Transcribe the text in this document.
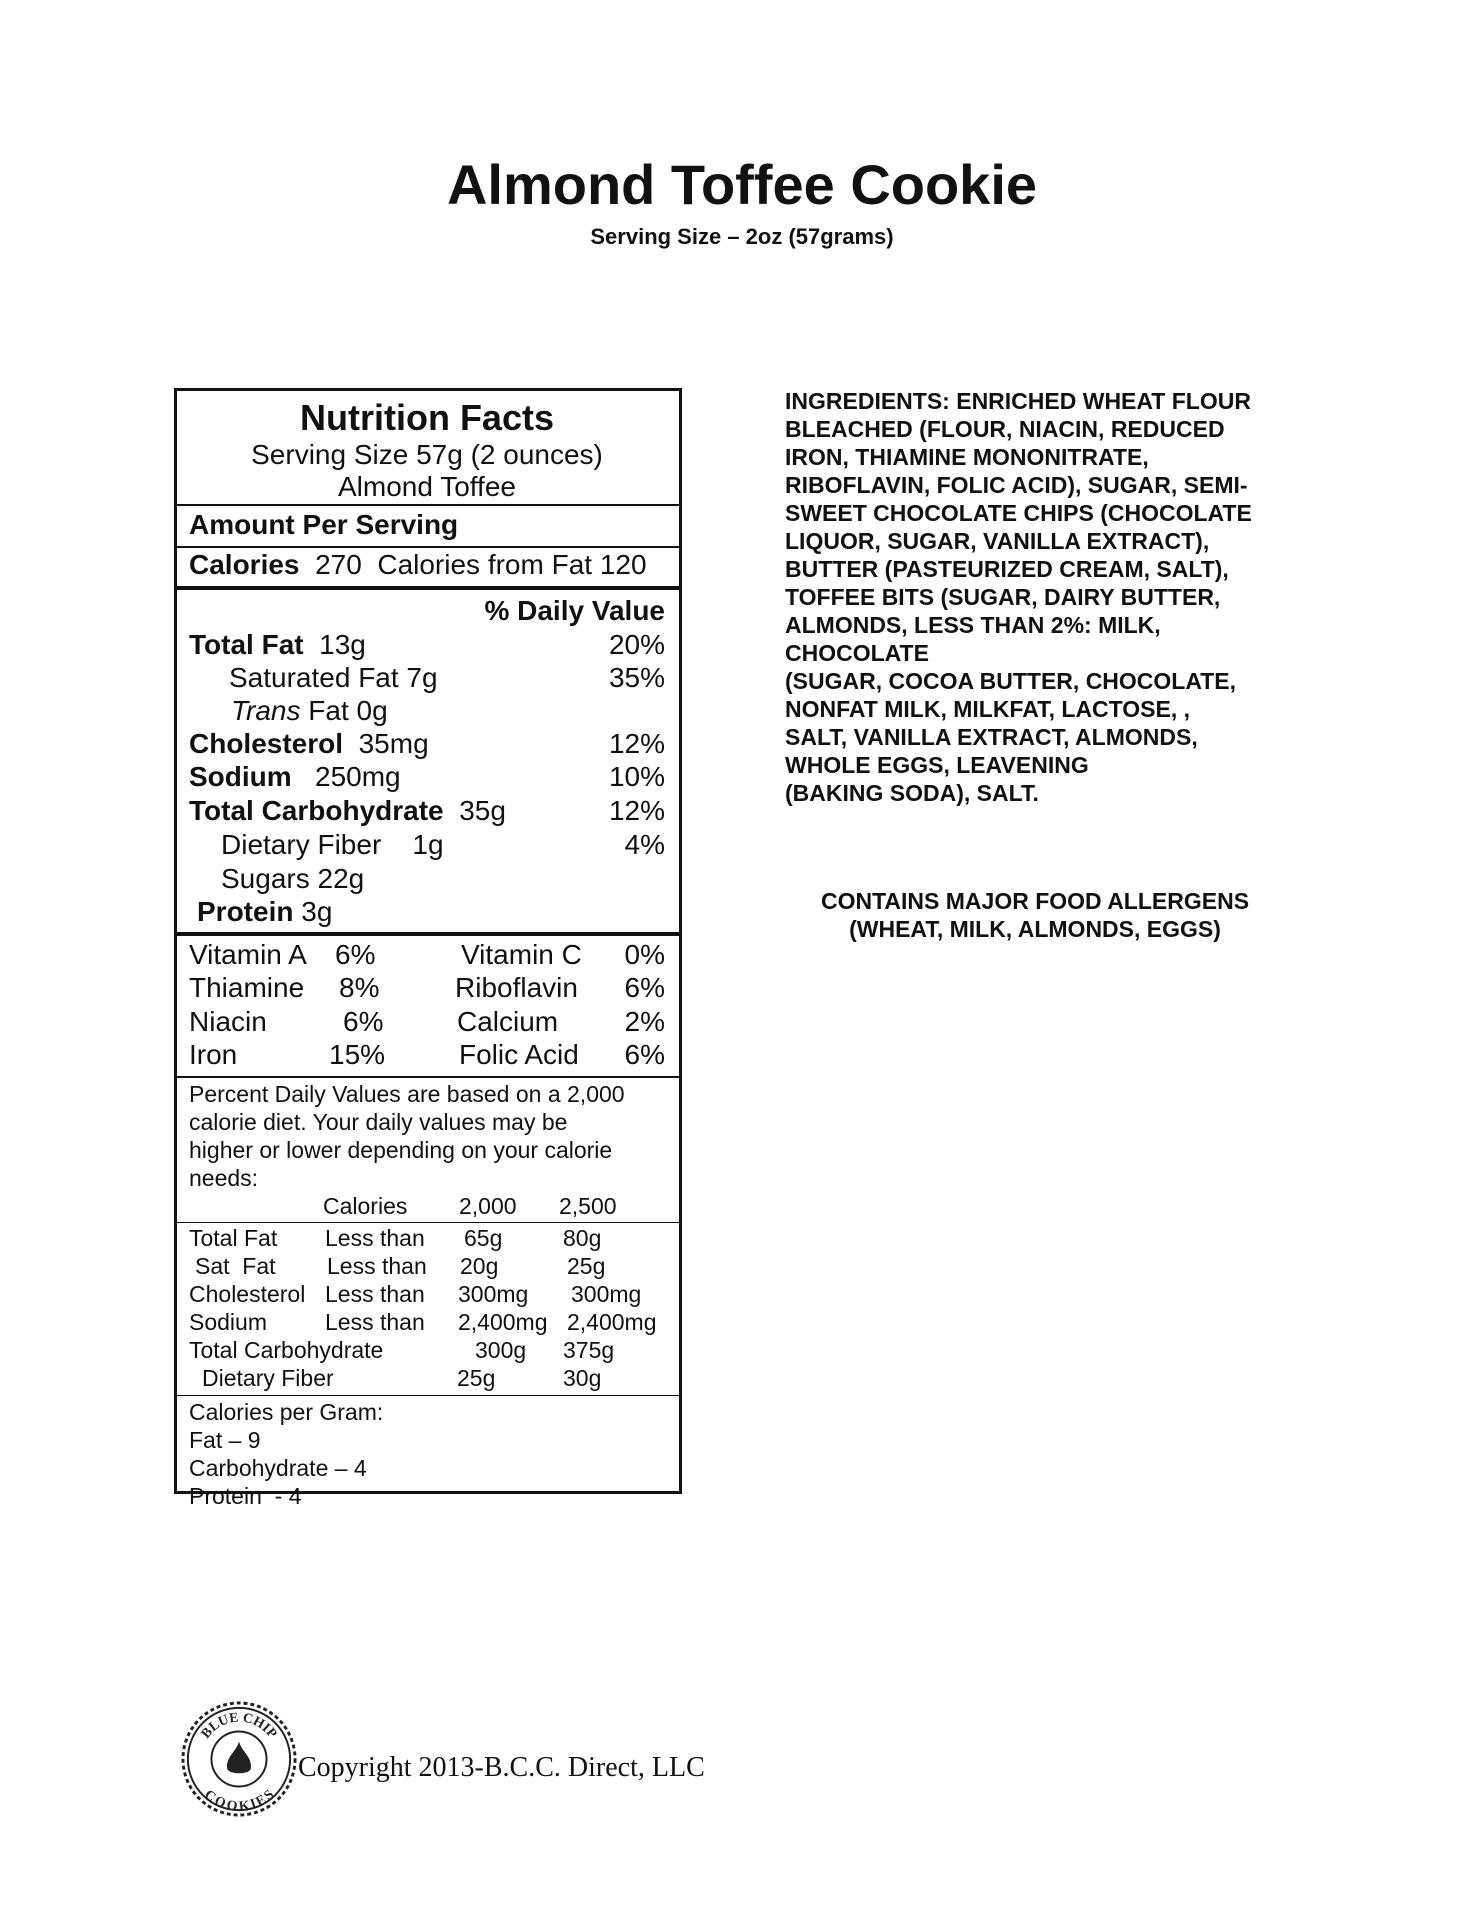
Almond Toffee Cookie
Serving Size – 2oz (57grams)
Nutrition Facts
Serving Size 57g (2 ounces)
Almond Toffee
Amount Per Serving
Calories 270 Calories from Fat 120
% Daily Value
Total Fat 13g	20%
Saturated Fat 7g	35%
Trans Fat 0g
Cholesterol 35mg	12%
Sodium 250mg	10%
Total Carbohydrate 35g	12%
Dietary Fiber 1g	4%
Sugars 22g
Protein 3g
Vitamin A 6%	Vitamin C 0%
Thiamine 8%	Riboflavin 6%
Niacin	6%	Calcium 2%
Iron	15%	Folic Acid 6%
Percent Daily Values are based on a 2,000
calorie diet. Your daily values may be
higher or lower depending on your calorie
needs:
Calories 2,000 2,500
Total Fat Less than 65g	80g
Sat  Fat Less than 20g	25g
Cholesterol Less than 300mg 300mg
Sodium	Less than 2,400mg 2,400mg
Total Carbohydrate	300g 375g
Dietary Fiber	25g	30g
Calories per Gram:
Fat – 9
Carbohydrate – 4
Protein  - 4
INGREDIENTS: ENRICHED WHEAT FLOUR
BLEACHED (FLOUR, NIACIN, REDUCED
IRON, THIAMINE MONONITRATE,
RIBOFLAVIN, FOLIC ACID), SUGAR, SEMI-
SWEET CHOCOLATE CHIPS (CHOCOLATE
LIQUOR, SUGAR, VANILLA EXTRACT),
BUTTER (PASTEURIZED CREAM, SALT),
TOFFEE BITS (SUGAR, DAIRY BUTTER,
ALMONDS, LESS THAN 2%: MILK,
CHOCOLATE
(SUGAR, COCOA BUTTER, CHOCOLATE,
NONFAT MILK, MILKFAT, LACTOSE, ,
SALT, VANILLA EXTRACT, ALMONDS,
WHOLE EGGS, LEAVENING
(BAKING SODA), SALT.
CONTAINS MAJOR FOOD ALLERGENS
(WHEAT, MILK, ALMONDS, EGGS)
BLUE CHIP
COOKIES
Copyright 2013-B.C.C. Direct, LLC
